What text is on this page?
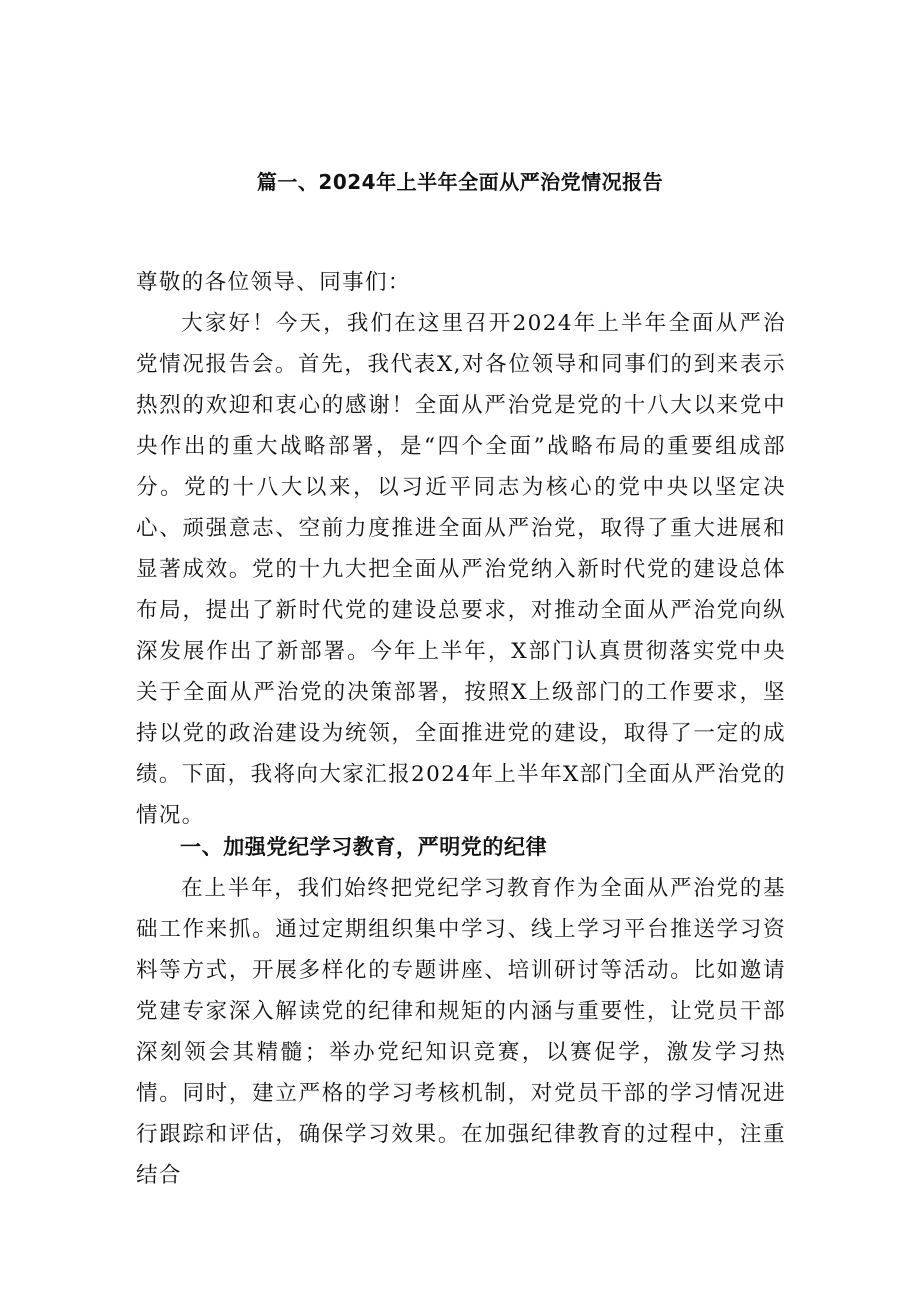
篇一、2024年上半年全面从严治党情况报告

尊敬的各位领导、同事们：

大家好！今天，我们在这里召开2024年上半年全面从严治党情况报告会。首先，我代表X,对各位领导和同事们的到来表示热烈的欢迎和衷心的感谢！全面从严治党是党的十八大以来党中央作出的重大战略部署，是“四个全面”战略布局的重要组成部分。党的十八大以来，以习近平同志为核心的党中央以坚定决心、顽强意志、空前力度推进全面从严治党，取得了重大进展和显著成效。党的十九大把全面从严治党纳入新时代党的建设总体布局，提出了新时代党的建设总要求，对推动全面从严治党向纵深发展作出了新部署。今年上半年，X部门认真贯彻落实党中央关于全面从严治党的决策部署，按照X上级部门的工作要求，坚持以党的政治建设为统领，全面推进党的建设，取得了一定的成绩。下面，我将向大家汇报2024年上半年X部门全面从严治党的情况。

一、加强党纪学习教育，严明党的纪律

在上半年，我们始终把党纪学习教育作为全面从严治党的基础工作来抓。通过定期组织集中学习、线上学习平台推送学习资料等方式，开展多样化的专题讲座、培训研讨等活动。比如邀请党建专家深入解读党的纪律和规矩的内涵与重要性，让党员干部深刻领会其精髓；举办党纪知识竞赛，以赛促学，激发学习热情。同时，建立严格的学习考核机制，对党员干部的学习情况进行跟踪和评估，确保学习效果。在加强纪律教育的过程中，注重结合
